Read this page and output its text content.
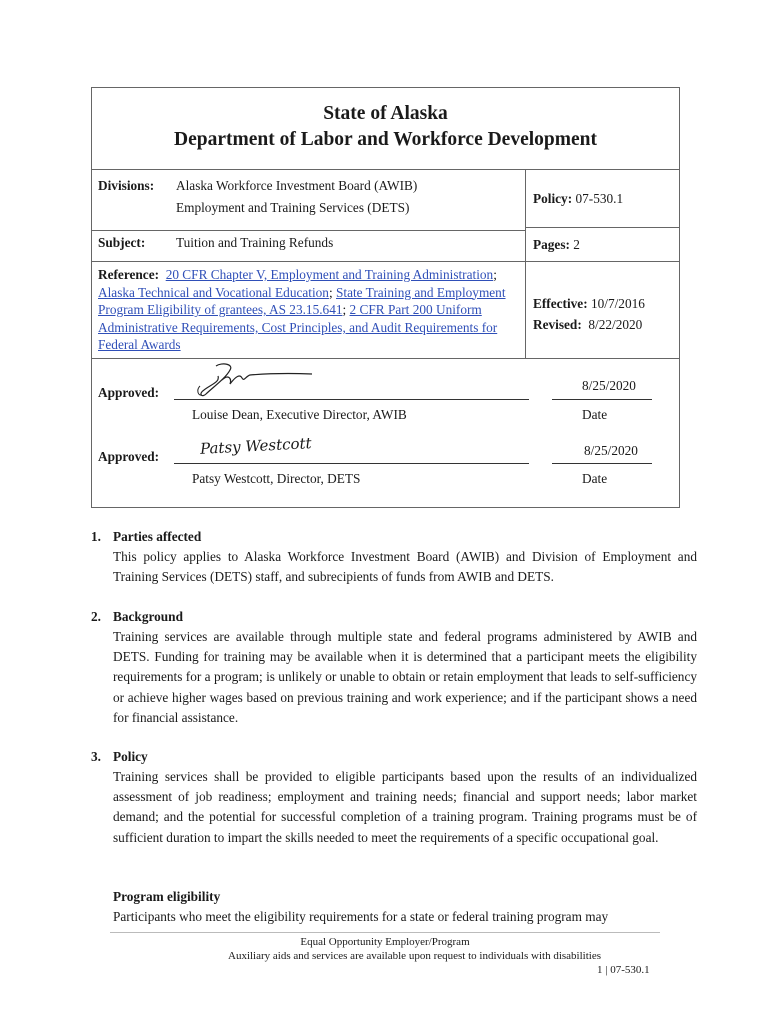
State of Alaska
Department of Labor and Workforce Development
Divisions: Alaska Workforce Investment Board (AWIB)
Employment and Training Services (DETS)
Policy: 07-530.1
Subject: Tuition and Training Refunds	Pages: 2
Reference: 20 CFR Chapter V, Employment and Training Administration; Alaska Technical and Vocational Education; State Training and Employment Program Eligibility of grantees, AS 23.15.641; 2 CFR Part 200 Uniform Administrative Requirements, Cost Principles, and Audit Requirements for Federal Awards
Effective: 10/7/2016
Revised: 8/22/2020
Approved:
Louise Dean, Executive Director, AWIB
8/25/2020
Date
Approved:	Patsy Westcott
Patsy Westcott, Director, DETS
8/25/2020
Date
1. Parties affected
This policy applies to Alaska Workforce Investment Board (AWIB) and Division of Employment and Training Services (DETS) staff, and subrecipients of funds from AWIB and DETS.
2. Background
Training services are available through multiple state and federal programs administered by AWIB and DETS. Funding for training may be available when it is determined that a participant meets the eligibility requirements for a program; is unlikely or unable to obtain or retain employment that leads to self-sufficiency or achieve higher wages based on previous training and work experience; and if the participant shows a need for financial assistance.
3. Policy
Training services shall be provided to eligible participants based upon the results of an individualized assessment of job readiness; employment and training needs; financial and support needs; labor market demand; and the potential for successful completion of a training program. Training programs must be of sufficient duration to impart the skills needed to meet the requirements of a specific occupational goal.
Program eligibility
Participants who meet the eligibility requirements for a state or federal training program may
Equal Opportunity Employer/Program
Auxiliary aids and services are available upon request to individuals with disabilities
1 | 07-530.1
